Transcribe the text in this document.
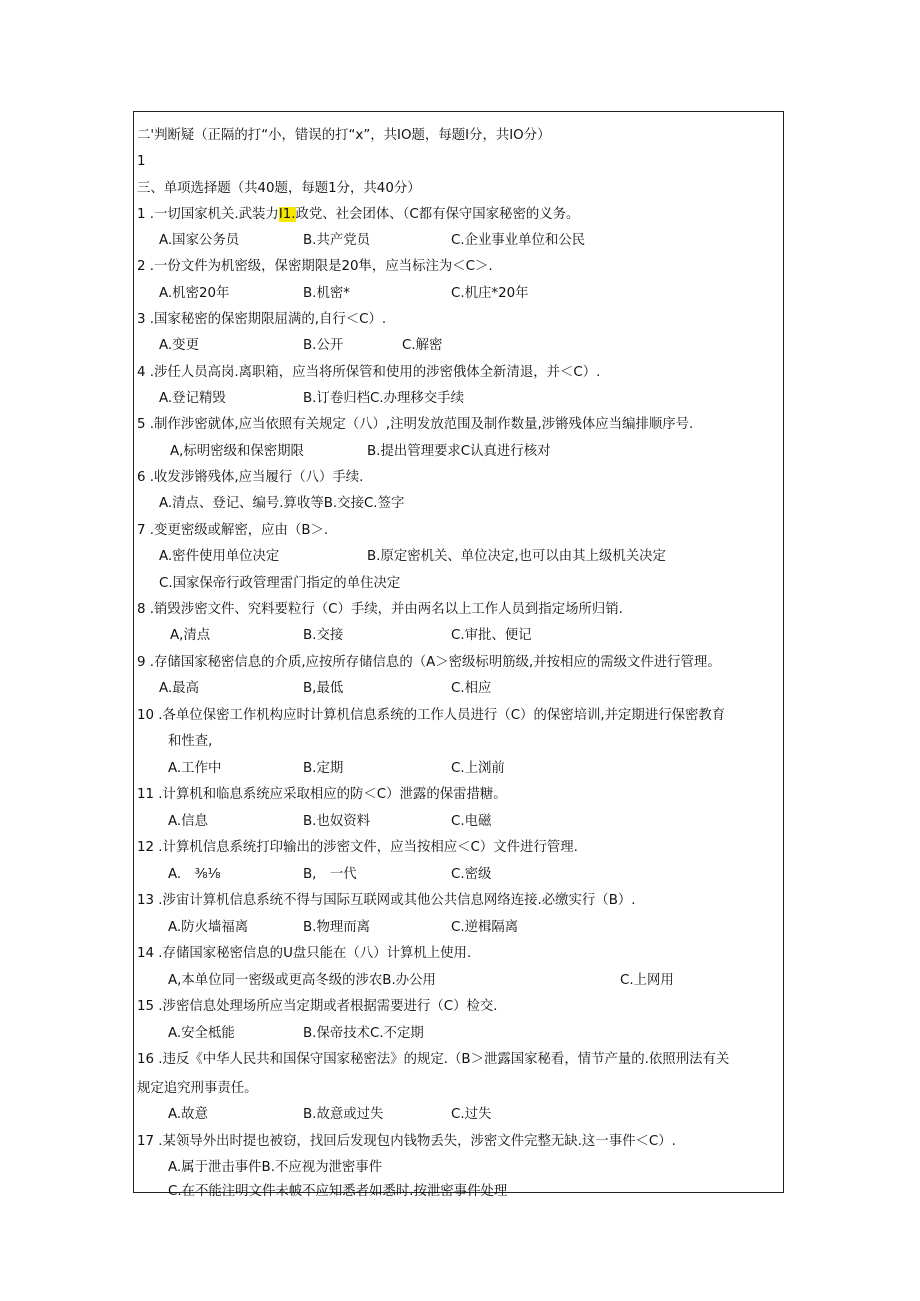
二'判断疑（正隔的打“小，错误的打“x”，共IO题，每题I分，共IO分）
1
三、单项选择题（共40题，每题1分，共40分）
1 .一切国家机关.武装力I1.政党、社会团体、（C都有保守国家秘密的义务。
A.国家公务员	B.共产党员	C.企业事业单位和公民
2 .一份文件为机密级，保密期限是20隼，应当标注为＜C＞.
A.机密20年	B.机密*	C.机庄*20年
3 .国家秘密的保密期限屈满的,自行＜C）.
A.变更	B.公开	C.解密
4 .涉任人员高岗.离职箱，应当将所保管和使用的涉密俄体全新清退，并＜C）.
A.登记精毁	B.订卷归档C.办理移交手续
5 .制作涉密就体,应当依照有关规定（八）,注明发放范围及制作数量,涉锵残体应当编排顺序号.
A,标明密级和保密期限	B.提出管理要求C认真进行核对
6 .收发涉锵残体,应当履行（八）手续.
A.清点、登记、编号.算收等B.交接C.签字
7 .变更密级或解密，应由（B＞.
A.密件使用单位决定	B.原定密机关、单位决定,也可以由其上级机关决定
C.国家保帝行政管理雷门指定的单住决定
8 .销毁涉密文件、究料要粒行（C）手续，并由两名以上工作人员到指定场所归销.
A,清点	B.交接	C.审批、便记
9 .存储国家秘密信息的介质,应按所存储信息的（A＞密级标明筋级,并按相应的需级文件进行管理。
A.最高	B,最低	C.相应
10 .各单位保密工作机构应时计算机信息系统的工作人员进行（C）的保密培训,并定期进行保密教育
和性查,
A.工作中	B.定期	C.上浏前
11 .计算机和临息系统应采取相应的防＜C）泄露的保雷措糖。
A.信息	B.也奴资料	C.电磁
12 .计算机信息系统打印输出的涉密文件，应当按相应＜C）文件进行管理.
A.　⅜⅛	B,　一代	C.密级
13 .涉宙计算机信息系统不得与国际互联网或其他公共信息网络连接.必缴实行（B）.
A.防火墙福离	B.物理而离	C.逆楫隔离
14 .存储国家秘密信息的U盘只能在（八）计算机上使用.
A,本单位同一密级或更高冬级的涉农B.办公用	C.上网用
15 .涉密信息处理场所应当定期或者根据需要进行（C）检交.
A.安全柢能	B.保帝技术C.不定期
16 .违反《中华人民共和国保守国家秘密法》的规定.（B＞泄露国家秘看，情节产量的.依照刑法有关
规定追究刑事责任。
A.故意	B.故意或过失	C.过失
17 .某领导外出时提也被窃，找回后发现包内钱物丢失，涉密文件完整无缺.这一事件＜C）.
A.属于泄击事件B.不应视为泄密事件
C.在不能注明文件未帔不应知悉者如悉时.按泄密事件处理
